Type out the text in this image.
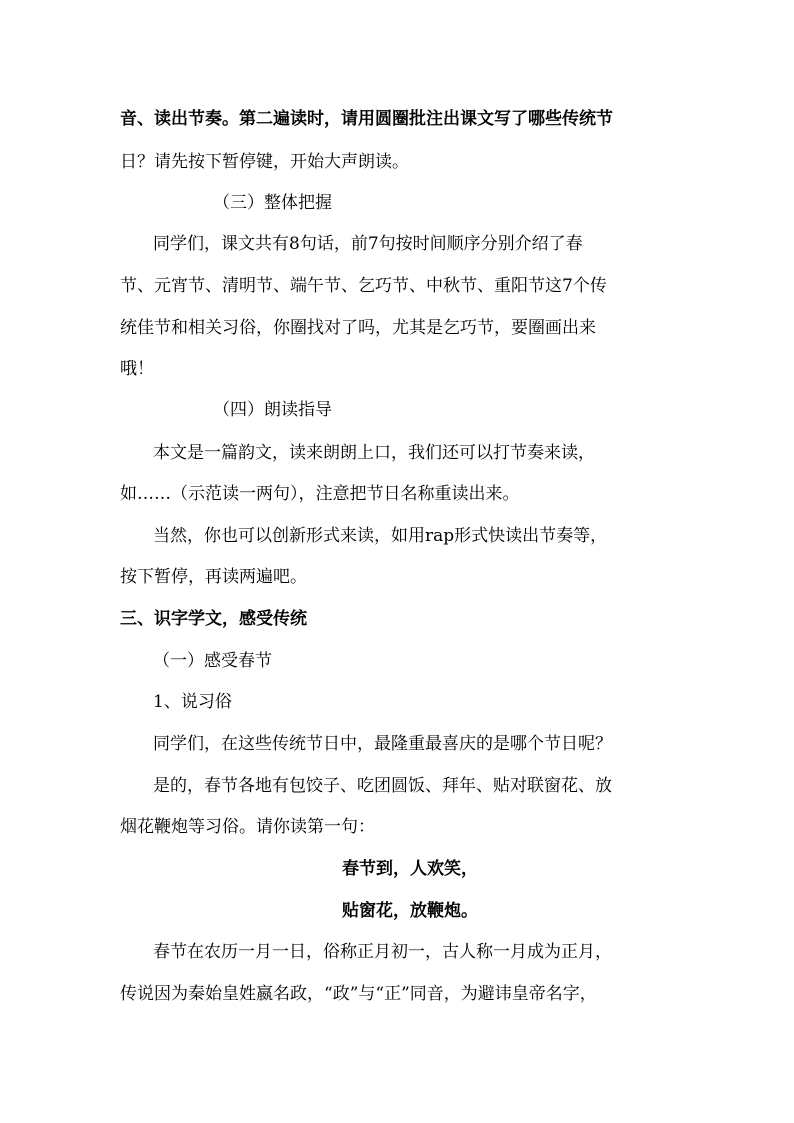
音、读出节奏。第二遍读时，请用圆圈批注出课文写了哪些传统节
日？请先按下暂停键，开始大声朗读。
（三）整体把握
同学们，课文共有8句话，前7句按时间顺序分别介绍了春
节、元宵节、清明节、端午节、乞巧节、中秋节、重阳节这7个传
统佳节和相关习俗，你圈找对了吗，尤其是乞巧节，要圈画出来
哦！
（四）朗读指导
本文是一篇韵文，读来朗朗上口，我们还可以打节奏来读，
如……（示范读一两句），注意把节日名称重读出来。
当然，你也可以创新形式来读，如用rap形式快读出节奏等，
按下暂停，再读两遍吧。
三、识字学文，感受传统
（一）感受春节
1、说习俗
同学们，在这些传统节日中，最隆重最喜庆的是哪个节日呢？
是的，春节各地有包饺子、吃团圆饭、拜年、贴对联窗花、放
烟花鞭炮等习俗。请你读第一句：
春节到，人欢笑，
贴窗花，放鞭炮。
春节在农历一月一日，俗称正月初一，古人称一月成为正月，
传说因为秦始皇姓嬴名政，“政”与“正”同音，为避讳皇帝名字，
